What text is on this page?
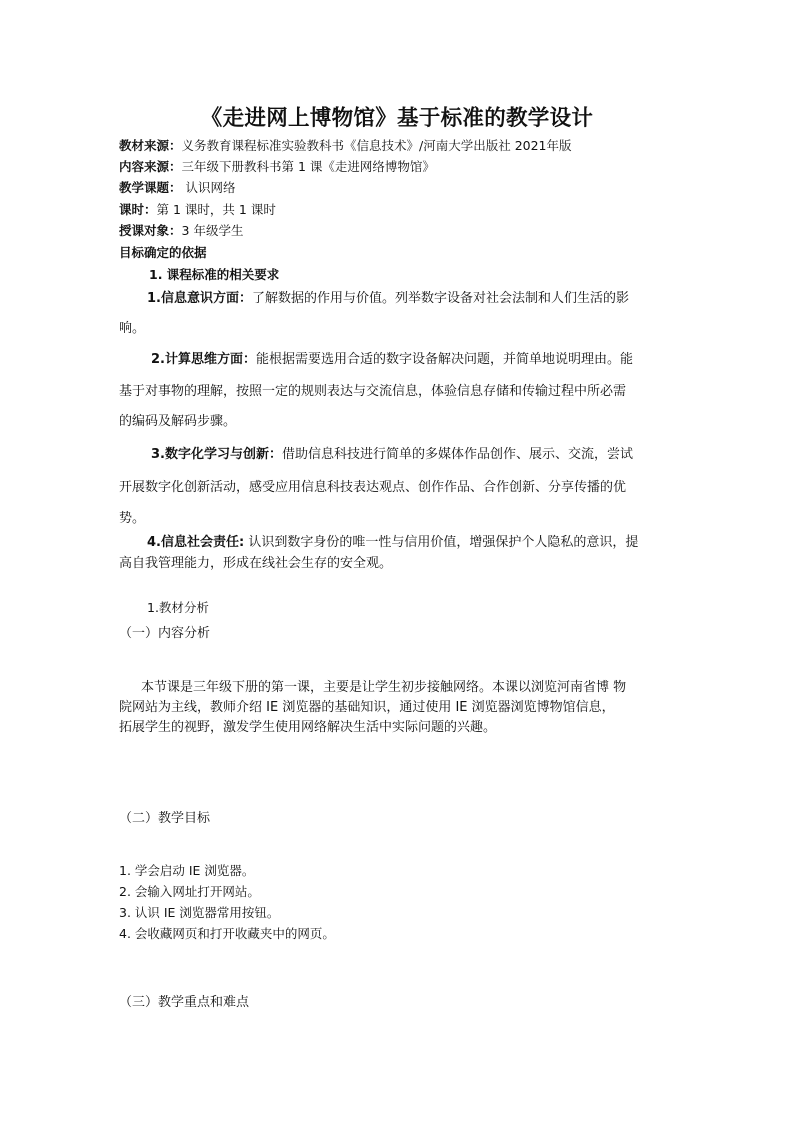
《走进网上博物馆》基于标准的教学设计
教材来源：义务教育课程标准实验教科书《信息技术》/河南大学出版社 2021年版
内容来源：三年级下册教科书第 1 课《走进网络博物馆》
教学课题： 认识网络
课时：第 1 课时，共 1 课时
授课对象：3 年级学生
目标确定的依据
1. 课程标准的相关要求
1.信息意识方面：了解数据的作用与价值。列举数字设备对社会法制和人们生活的影
响。
2.计算思维方面：能根据需要选用合适的数字设备解决问题，并简单地说明理由。能
基于对事物的理解，按照一定的规则表达与交流信息，体验信息存储和传输过程中所必需
的编码及解码步骤。
3.数字化学习与创新：借助信息科技进行简单的多媒体作品创作、展示、交流，尝试
开展数字化创新活动，感受应用信息科技表达观点、创作作品、合作创新、分享传播的优
势。
4.信息社会责任: 认识到数字身份的唯一性与信用价值，增强保护个人隐私的意识，提
高自我管理能力，形成在线社会生存的安全观。
1.教材分析
（一）内容分析
本节课是三年级下册的第一课，主要是让学生初步接触网络。本课以浏览河南省博 物
院网站为主线，教师介绍 IE 浏览器的基础知识，通过使用 IE 浏览器浏览博物馆信息，
拓展学生的视野，激发学生使用网络解决生活中实际问题的兴趣。
（二）教学目标
1. 学会启动 IE 浏览器。
2. 会输入网址打开网站。
3. 认识 IE 浏览器常用按钮。
4. 会收藏网页和打开收藏夹中的网页。
（三）教学重点和难点
